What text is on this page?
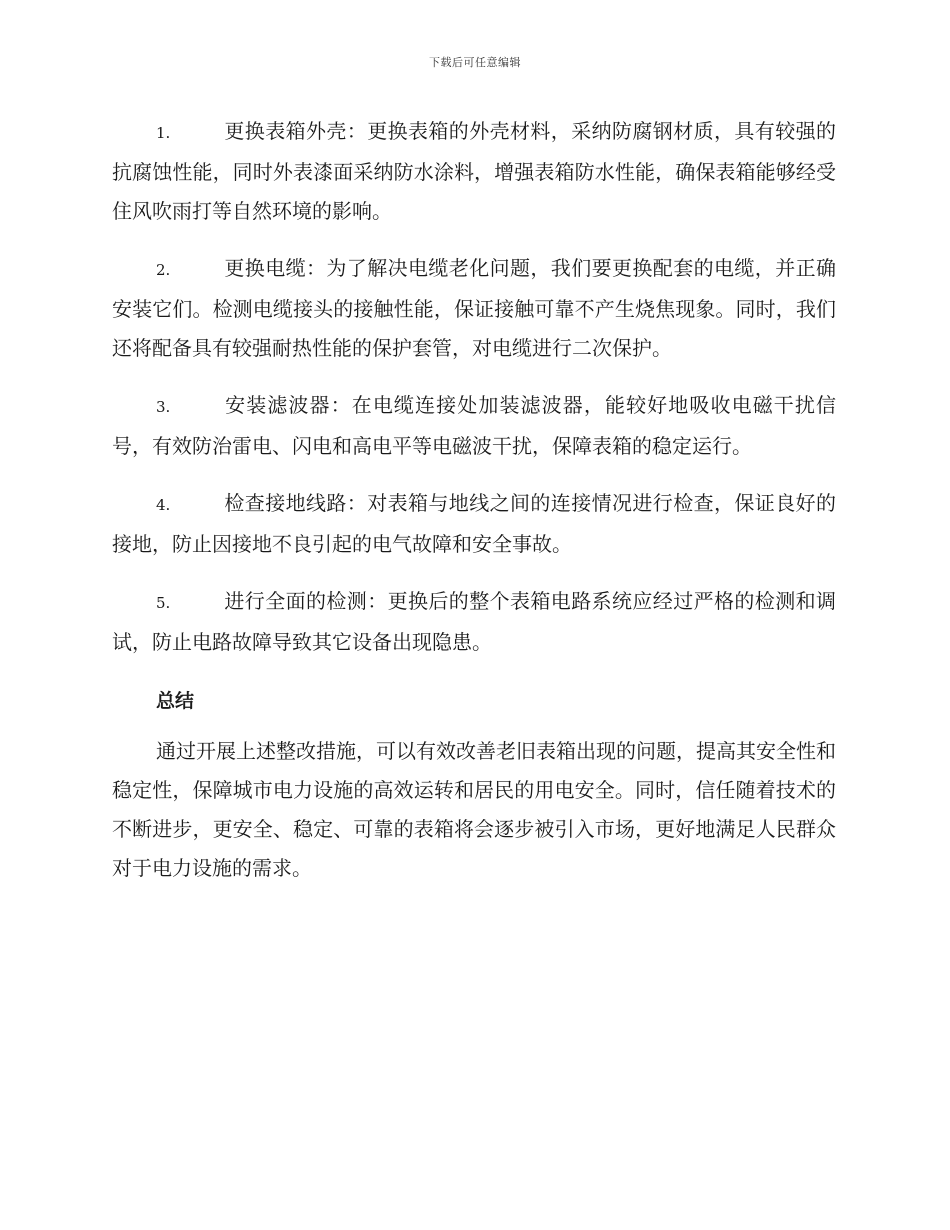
下载后可任意编辑

1.	更换表箱外壳：更换表箱的外壳材料，采纳防腐钢材质，具有较强的抗腐蚀性能，同时外表漆面采纳防水涂料，增强表箱防水性能，确保表箱能够经受住风吹雨打等自然环境的影响。

2.	更换电缆：为了解决电缆老化问题，我们要更换配套的电缆，并正确安装它们。检测电缆接头的接触性能，保证接触可靠不产生烧焦现象。同时，我们还将配备具有较强耐热性能的保护套管，对电缆进行二次保护。

3.	安装滤波器：在电缆连接处加装滤波器，能较好地吸收电磁干扰信号，有效防治雷电、闪电和高电平等电磁波干扰，保障表箱的稳定运行。

4.	检查接地线路：对表箱与地线之间的连接情况进行检查，保证良好的接地，防止因接地不良引起的电气故障和安全事故。

5.	进行全面的检测：更换后的整个表箱电路系统应经过严格的检测和调试，防止电路故障导致其它设备出现隐患。

总结

通过开展上述整改措施，可以有效改善老旧表箱出现的问题，提高其安全性和稳定性，保障城市电力设施的高效运转和居民的用电安全。同时，信任随着技术的不断进步，更安全、稳定、可靠的表箱将会逐步被引入市场，更好地满足人民群众对于电力设施的需求。
